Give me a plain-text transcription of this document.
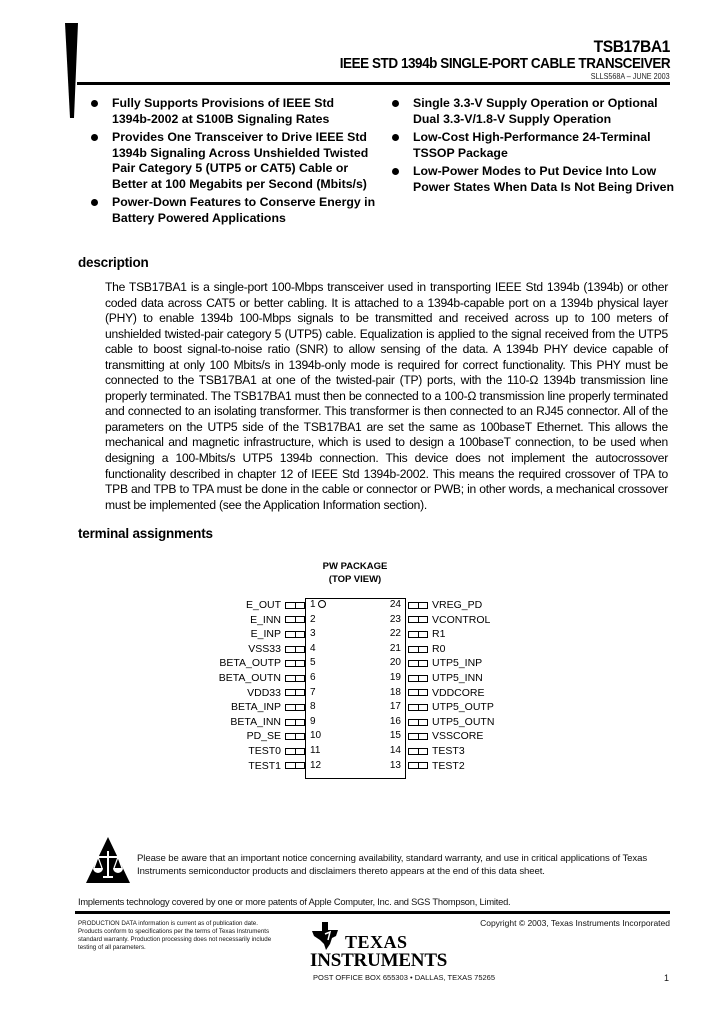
TSB17BA1
IEEE STD 1394b SINGLE-PORT CABLE TRANSCEIVER
SLLS568A – JUNE 2003
Fully Supports Provisions of IEEE Std 1394b-2002 at S100B Signaling Rates
Provides One Transceiver to Drive IEEE Std 1394b Signaling Across Unshielded Twisted Pair Category 5 (UTP5 or CAT5) Cable or Better at 100 Megabits per Second (Mbits/s)
Power-Down Features to Conserve Energy in Battery Powered Applications
Single 3.3-V Supply Operation or Optional Dual 3.3-V/1.8-V Supply Operation
Low-Cost High-Performance 24-Terminal TSSOP Package
Low-Power Modes to Put Device Into Low Power States When Data Is Not Being Driven
description
The TSB17BA1 is a single-port 100-Mbps transceiver used in transporting IEEE Std 1394b (1394b) or other coded data across CAT5 or better cabling. It is attached to a 1394b-capable port on a 1394b physical layer (PHY) to enable 1394b 100-Mbps signals to be transmitted and received across up to 100 meters of unshielded twisted-pair category 5 (UTP5) cable. Equalization is applied to the signal received from the UTP5 cable to boost signal-to-noise ratio (SNR) to allow sensing of the data. A 1394b PHY device capable of transmitting at only 100 Mbits/s in 1394b-only mode is required for correct functionality. This PHY must be connected to the TSB17BA1 at one of the twisted-pair (TP) ports, with the 110-Ω 1394b transmission line properly terminated. The TSB17BA1 must then be connected to a 100-Ω transmission line properly terminated and connected to an isolating transformer. This transformer is then connected to an RJ45 connector. All of the parameters on the UTP5 side of the TSB17BA1 are set the same as 100baseT Ethernet. This allows the mechanical and magnetic infrastructure, which is used to design a 100baseT connection, to be used when designing a 100-Mbits/s UTP5 1394b connection. This device does not implement the autocrossover functionality described in chapter 12 of IEEE Std 1394b-2002. This means the required crossover of TPA to TPB and TPB to TPA must be done in the cable or connector or PWB; in other words, a mechanical crossover must be implemented (see the Application Information section).
terminal assignments
PW PACKAGE
(TOP VIEW)
E_OUT
E_INN
E_INP
VSS33
BETA_OUTP
BETA_OUTN
VDD33
BETA_INP
BETA_INN
PD_SE
TEST0
TEST1
1
2
3
4
5
6
7
8
9
10
11
12
24
23
22
21
20
19
18
17
16
15
14
13
VREG_PD
VCONTROL
R1
R0
UTP5_INP
UTP5_INN
VDDCORE
UTP5_OUTP
UTP5_OUTN
VSSCORE
TEST3
TEST2
Please be aware that an important notice concerning availability, standard warranty, and use in critical applications of Texas Instruments semiconductor products and disclaimers thereto appears at the end of this data sheet.
Implements technology covered by one or more patents of Apple Computer, Inc. and SGS Thompson, Limited.
PRODUCTION DATA information is current as of publication date. Products conform to specifications per the terms of Texas Instruments standard warranty. Production processing does not necessarily include testing of all parameters.
Copyright © 2003, Texas Instruments Incorporated
TEXAS
INSTRUMENTS
POST OFFICE BOX 655303 • DALLAS, TEXAS 75265	1
